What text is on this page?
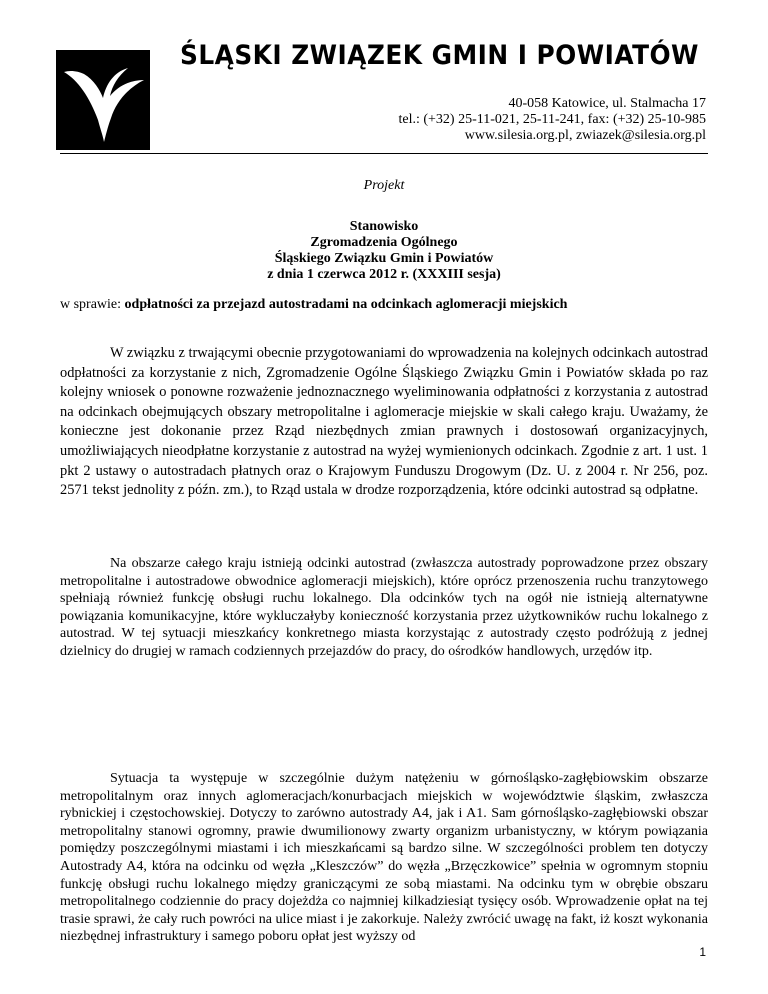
ŚLĄSKI ZWIĄZEK GMIN I POWIATÓW
40-058 Katowice, ul. Stalmacha 17
tel.: (+32) 25-11-021, 25-11-241, fax: (+32) 25-10-985
www.silesia.org.pl, zwiazek@silesia.org.pl
Projekt
Stanowisko
Zgromadzenia Ogólnego
Śląskiego Związku Gmin i Powiatów
z dnia 1 czerwca 2012 r. (XXXIII sesja)
w sprawie: odpłatności za przejazd autostradami na odcinkach aglomeracji miejskich

W związku z trwającymi obecnie przygotowaniami do wprowadzenia na kolejnych odcinkach autostrad odpłatności za korzystanie z nich, Zgromadzenie Ogólne Śląskiego Związku Gmin i Powiatów składa po raz kolejny wniosek o ponowne rozważenie jednoznacznego wyeliminowania odpłatności z korzystania z autostrad na odcinkach obejmujących obszary metropolitalne i aglomeracje miejskie w skali całego kraju. Uważamy, że konieczne jest dokonanie przez Rząd niezbędnych zmian prawnych i dostosowań organizacyjnych, umożliwiających nieodpłatne korzystanie z autostrad na wyżej wymienionych odcinkach. Zgodnie z art. 1 ust. 1 pkt 2 ustawy o autostradach płatnych oraz o Krajowym Funduszu Drogowym (Dz. U. z 2004 r. Nr 256, poz. 2571 tekst jednolity z późn. zm.), to Rząd ustala w drodze rozporządzenia, które odcinki autostrad są odpłatne.

Na obszarze całego kraju istnieją odcinki autostrad (zwłaszcza autostrady poprowadzone przez obszary metropolitalne i autostradowe obwodnice aglomeracji miejskich), które oprócz przenoszenia ruchu tranzytowego spełniają również funkcję obsługi ruchu lokalnego. Dla odcinków tych na ogół nie istnieją alternatywne powiązania komunikacyjne, które wykluczałyby konieczność korzystania przez użytkowników ruchu lokalnego z autostrad. W tej sytuacji mieszkańcy konkretnego miasta korzystając z autostrady często podróżują z jednej dzielnicy do drugiej w ramach codziennych przejazdów do pracy, do ośrodków handlowych, urzędów itp.

Sytuacja ta występuje w szczególnie dużym natężeniu w górnośląsko-zagłębiowskim obszarze metropolitalnym oraz innych aglomeracjach/konurbacjach miejskich w województwie śląskim, zwłaszcza rybnickiej i częstochowskiej. Dotyczy to zarówno autostrady A4, jak i A1. Sam górnośląsko-zagłębiowski obszar metropolitalny stanowi ogromny, prawie dwumilionowy zwarty organizm urbanistyczny, w którym powiązania pomiędzy poszczególnymi miastami i ich mieszkańcami są bardzo silne. W szczególności problem ten dotyczy Autostrady A4, która na odcinku od węzła „Kleszczów” do węzła „Brzęczkowice” spełnia w ogromnym stopniu funkcję obsługi ruchu lokalnego między graniczącymi ze sobą miastami. Na odcinku tym w obrębie obszaru metropolitalnego codziennie do pracy dojeżdża co najmniej kilkadziesiąt tysięcy osób. Wprowadzenie opłat na tej trasie sprawi, że cały ruch powróci na ulice miast i je zakorkuje. Należy zwrócić uwagę na fakt, iż koszt wykonania niezbędnej infrastruktury i samego poboru opłat jest wyższy od

1
